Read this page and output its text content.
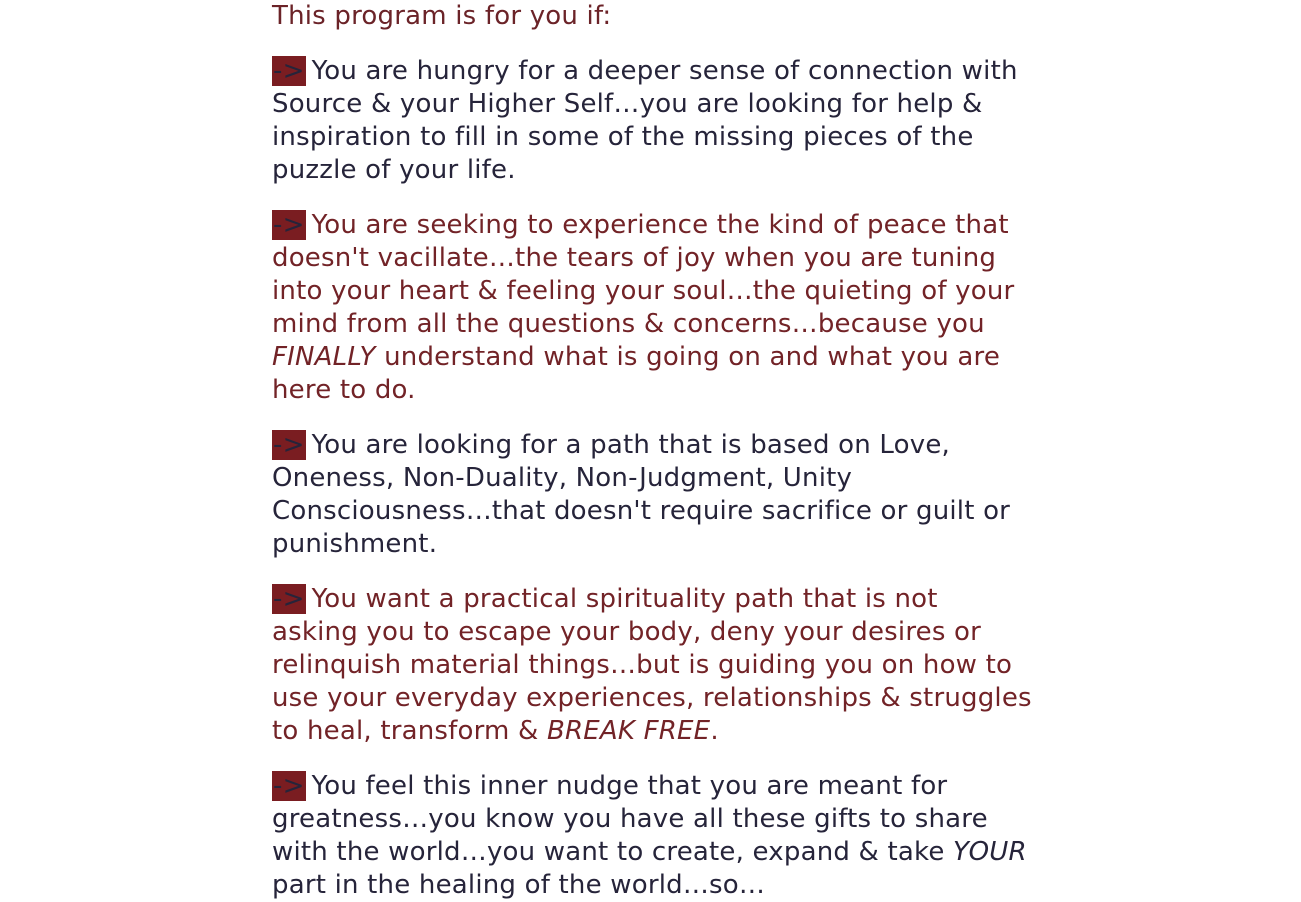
This program is for you if:

-> You are hungry for a deeper sense of connection with Source & your Higher Self…you are looking for help & inspiration to fill in some of the missing pieces of the puzzle of your life.

-> You are seeking to experience the kind of peace that doesn't vacillate…the tears of joy when you are tuning into your heart & feeling your soul…the quieting of your mind from all the questions & concerns…because you FINALLY understand what is going on and what you are here to do.

-> You are looking for a path that is based on Love, Oneness, Non-Duality, Non-Judgment, Unity Consciousness…that doesn't require sacrifice or guilt or punishment.

-> You want a practical spirituality path that is not asking you to escape your body, deny your desires or relinquish material things…but is guiding you on how to use your everyday experiences, relationships & struggles to heal, transform & BREAK FREE.

-> You feel this inner nudge that you are meant for greatness…you know you have all these gifts to share with the world…you want to create, expand & take YOUR part in the healing of the world…so…
